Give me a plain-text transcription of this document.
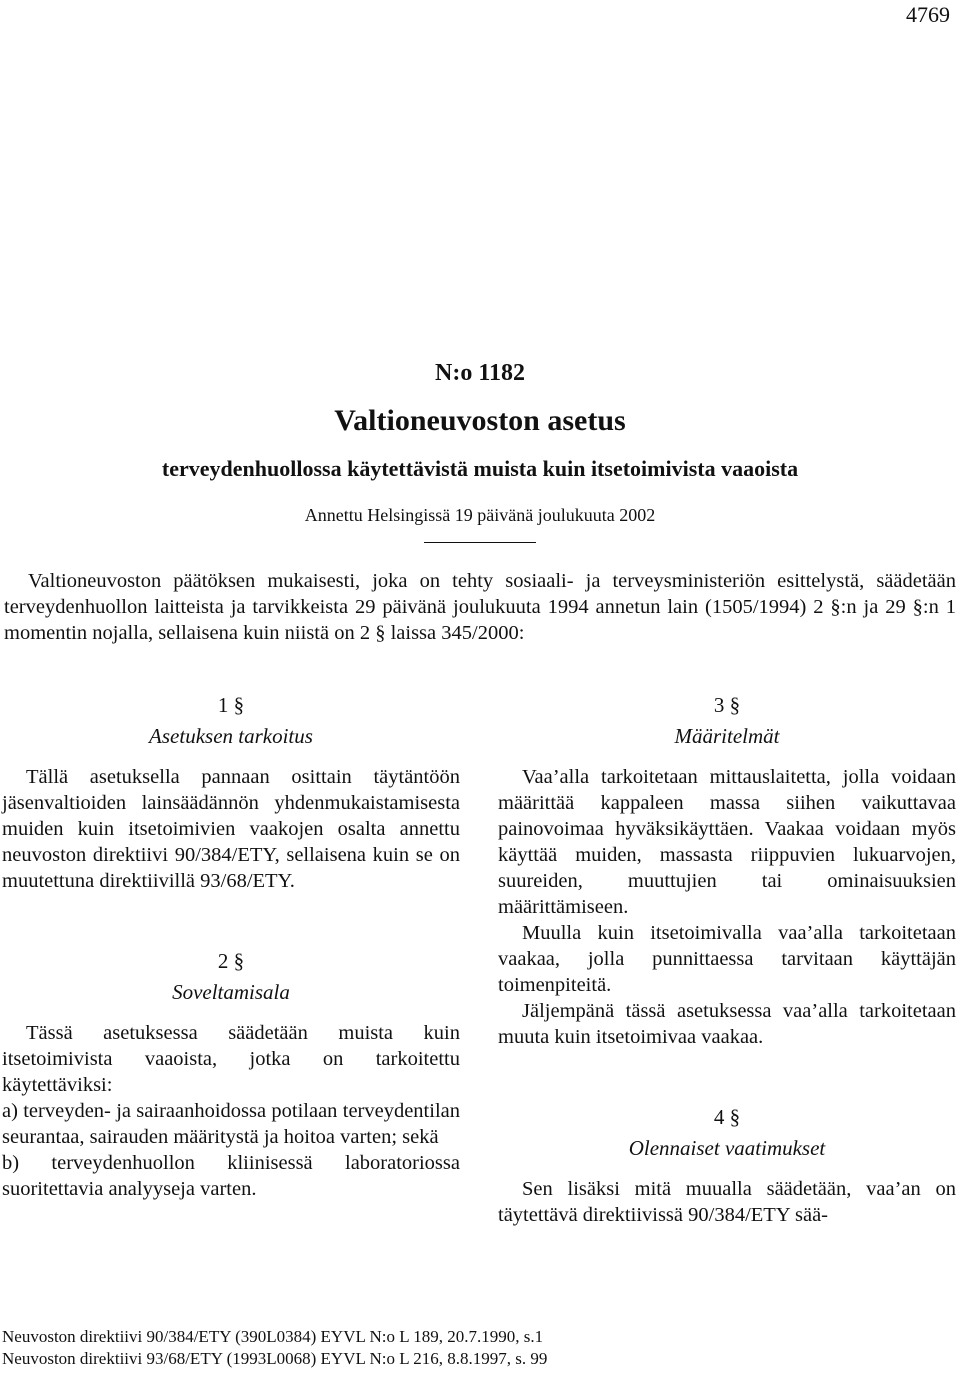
4769
N:o 1182
Valtioneuvoston asetus
terveydenhuollossa käytettävistä muista kuin itsetoimivista vaaoista
Annettu Helsingissä 19 päivänä joulukuuta 2002
Valtioneuvoston päätöksen mukaisesti, joka on tehty sosiaali- ja terveysministeriön esittelystä, säädetään terveydenhuollon laitteista ja tarvikkeista 29 päivänä joulukuuta 1994 annetun lain (1505/1994) 2 §:n ja 29 §:n 1 momentin nojalla, sellaisena kuin niistä on 2 § laissa 345/2000:
1 §
Asetuksen tarkoitus

Tällä asetuksella pannaan osittain täytäntöön jäsenvaltioiden lainsäädännön yhdenmukaistamisesta muiden kuin itsetoimivien vaakojen osalta annettu neuvoston direktiivi 90/384/ETY, sellaisena kuin se on muutettuna direktiivillä 93/68/ETY.

2 §
Soveltamisala

Tässä asetuksessa säädetään muista kuin itsetoimivista vaaoista, jotka on tarkoitettu käytettäviksi:

a) terveyden- ja sairaanhoidossa potilaan terveydentilan seurantaa, sairauden määritystä ja hoitoa varten; sekä

b) terveydenhuollon kliinisessä laboratoriossa suoritettavia analyyseja varten.

3 §
Määritelmät

Vaa’alla tarkoitetaan mittauslaitetta, jolla voidaan määrittää kappaleen massa siihen vaikuttavaa painovoimaa hyväksikäyttäen. Vaakaa voidaan myös käyttää muiden, massasta riippuvien lukuarvojen, suureiden, muuttujien tai ominaisuuksien määrittämiseen.

Muulla kuin itsetoimivalla vaa’alla tarkoitetaan vaakaa, jolla punnittaessa tarvitaan käyttäjän toimenpiteitä.

Jäljempänä tässä asetuksessa vaa’alla tarkoitetaan muuta kuin itsetoimivaa vaakaa.

4 §
Olennaiset vaatimukset

Sen lisäksi mitä muualla säädetään, vaa’an on täytettävä direktiivissä 90/384/ETY sää-

Neuvoston direktiivi 90/384/ETY (390L0384) EYVL N:o L 189, 20.7.1990, s.1
Neuvoston direktiivi 93/68/ETY (1993L0068) EYVL N:o L 216, 8.8.1997, s. 99
